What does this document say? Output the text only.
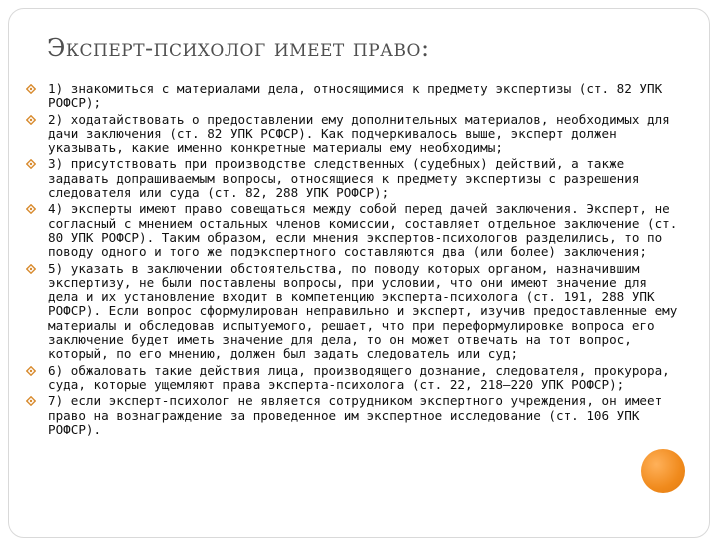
Эксперт-психолог имеет право:
1) знакомиться с материалами дела, относящимися к предмету экспертизы (ст. 82 УПК РОФСР);
2) ходатайствовать о предоставлении ему дополнительных материалов, необходимых для дачи заключения (ст. 82 УПК РСФСР). Как подчеркивалось выше, эксперт должен указывать, какие именно конкретные материалы ему необходимы;
3) присутствовать при производстве следственных (судебных) действий, а также задавать допрашиваемым вопросы, относящиеся к предмету экспертизы с разрешения следователя или суда (ст. 82, 288 УПК РОФСР);
4) эксперты имеют право совещаться между собой перед дачей заключения. Эксперт, не согласный с мнением остальных членов комиссии, составляет отдельное заключение (ст. 80 УПК РОФСР). Таким образом, если мнения экспертов-психологов разделились, то по поводу одного и того же подэкспертного составляются два (или более) заключения;
5) указать в заключении обстоятельства, по поводу которых органом, назначившим экспертизу, не были поставлены вопросы, при условии, что они имеют значение для дела и их установление входит в компетенцию эксперта-психолога (ст. 191, 288 УПК РОФСР). Если вопрос сформулирован неправильно и эксперт, изучив предоставленные ему материалы и обследовав испытуемого, решает, что при переформулировке вопроса его заключение будет иметь значение для дела, то он может отвечать на тот вопрос, который, по его мнению, должен был задать следователь или суд;
6) обжаловать такие действия лица, производящего дознание, следователя, прокурора, суда, которые ущемляют права эксперта-психолога (ст. 22, 218—220 УПК РОФСР);
7) если эксперт-психолог не является сотрудником экспертного учреждения, он имеет право на вознаграждение за проведенное им экспертное исследование (ст. 106 УПК РОФСР).
